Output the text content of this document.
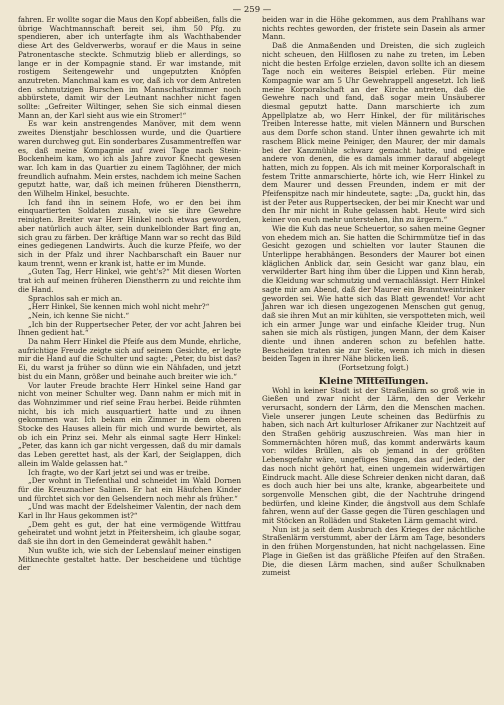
— 259 —

fahren. Er wollte sogar die Maus den Kopf abbeißen, falls die übrige Wachtmannschaft bereit sei, ihm 50 Pfg. zu spendieren, aber ich unterfagte ihm als Wachthabender diese Art des Geldverwerbs, worauf er die Maus in seine Patronentasche steckte. Schmutzig blieb er allerdings, so lange er in der Kompagnie stand. Er war imstande, mit rostigem Seitengewehr und ungeputzten Knöpfen anzutreten. Manchmal kam es vor, daß ich vor dem Antreten den schmutzigen Burschen im Mannschaftszimmer noch abbürstete, damit wir der Leutnant nachher nicht fagen sollte: „Gefreiter Wiltinger, sehen Sie sich einmal diesen Mann an, der Karl sieht aus wie ein Stromer!“

Es war kein anstrengendes Manöver, mit dem wenn zweites Dienstjahr beschlossen wurde, und die Quartiere waren durchweg gut. Ein sonderbares Zusammentreffen war es, daß meine Kompagnie auf zwei Tage nach Stein-Bockenheim kam, wo ich als Jahre zuvor Knecht gewesen war. Ich kam in das Quartier zu einem Taglöhner, der mich freundlich aufnahm. Mein erstes, nachdem ich meine Sachen geputzt hatte, war, daß ich meinen früheren Dienstherrn, den Wilhelm Hinkel, besuchte.

Ich fand ihn in seinem Hofe, wo er den bei ihm einquartierten Soldaten zusah, wie sie ihre Gewehre reinigten. Breiter war Herr Hinkel noch etwas geworden, aber natürlich auch älter, sein dunkelblonder Bart fing an, sich grau zu färben. Der kräftige Mann war so recht das Bild eines gediegenen Landwirts. Auch die kurze Pfeife, wo der sich in der Pfalz und ihrer Nachbarschaft ein Bauer nur kaum trennt, wenn er krank ist, hatte er im Munde.

„Guten Tag, Herr Hinkel, wie geht's?“ Mit diesen Worten trat ich auf meinen früheren Dienstherrn zu und reichte ihm die Hand.

Sprachlos sah er mich an.

„Herr Hinkel, Sie kennen mich wohl nicht mehr?“

„Nein, ich kenne Sie nicht.“

„Ich bin der Ruppertsecher Peter, der vor acht Jahren bei Ihnen gedient hat.“

Da nahm Herr Hinkel die Pfeife aus dem Munde, ehrliche, aufrichtige Freude zeigte sich auf seinem Gesichte, er legte mir die Hand auf die Schulter und sagte: „Peter, du bist das? Ei, du warst ja früher so dünn wie ein Nähfaden, und jetzt bist du ein Mann, größer und beinahe auch breiter wie ich.“

Vor lauter Freude brachte Herr Hinkel seine Hand gar nicht von meiner Schulter weg. Dann nahm er mich mit in das Wohnzimmer und rief seine Frau herbei. Beide rühmten nicht, bis ich mich ausquartiert hatte und zu ihnen gekommen war. Ich bekam ein Zimmer in dem oberen Stocke des Hauses allein für mich und wurde bewirtet, als ob ich ein Prinz sei. Mehr als einmal sagte Herr Hinkel: „Peter, das kann ich gar nicht vergessen, daß du mir damals das Leben gerettet hast, als der Karl, der Seiglappen, dich allein im Walde gelassen hat.“

Ich fragte, wo der Karl jetzt sei und was er treibe.

„Der wohnt in Tiefenthal und schneidet im Wald Dornen für die Kreuznacher Salinen. Er hat ein Häufchen Kinder und fürchtet sich vor den Gelsendern noch mehr als früher.“

„Und was macht der Edelsheimer Valentin, der nach dem Karl in Ihr Haus gekommen ist?“

„Dem geht es gut, der hat eine vermögende Wittfrau geheiratet und wohnt jetzt in Pfeitersheim, ich glaube sogar, daß sie ihn dort in den Gemeinderat gewählt haben.“

Nun wußte ich, wie sich der Lebenslauf meiner einstigen Mitknechte gestaltet hatte. Der bescheidene und tüchtige der

beiden war in die Höhe gekommen, aus dem Prahlhans war nichts rechtes geworden, der fristete sein Dasein als armer Mann.

Daß die Anmaßenden und Dreisten, die sich zugleich nicht scheuen, den Hilflosen zu nahe zu treten, im Leben nicht die besten Erfolge erzielen, davon sollte ich an diesem Tage noch ein weiteres Beispiel erleben. Für meine Kompagnie war am 5 Uhr Gewehrappell angesetzt. Ich ließ meine Korporalschaft an der Kirche antreten, daß die Gewehre nach und fand, daß sogar mein Unsäuberer diesmal geputzt hatte. Dann marschierte ich zum Appellplatze ab, wo Herr Hinkel, der für militärisches Treiben Interesse hatte, mit vielen Männern und Burschen aus dem Dorfe schon stand. Unter ihnen gewahrte ich mit raschem Blick meine Peiniger, den Maurer, der mir damals bei der Kanzmühle schwarz gemacht hatte, und einige andere von denen, die es damals immer darauf abgelegt hatten, mich zu foppen. Als ich mit meiner Korporalschaft in festem Tritte anmarschierte, hörte ich, wie Herr Hinkel zu dem Maurer und dessen Freunden, indem er mit der Pfeifenspitze nach mir hindeutete, sagte: „Da, guckt hin, das ist der Peter aus Ruppertsecken, der bei mir Knecht war und den Ihr mir nicht in Ruhe gelassen habt. Heute wird sich keiner von euch mehr unterstehen, ihn zu ärgern.“

Wie die Kuh das neue Scheuertor, so sahen meine Gegner von ehedem mich an. Sie hatten die Schirmmütze tief in das Gesicht gezogen und schielten vor lauter Staunen die Unterlippe herabhängen. Besonders der Maurer bot einen kläglichen Anblick dar, sein Gesicht war ganz blau, ein verwilderter Bart hing ihm über die Lippen und Kinn herab, die Kleidung war schmutzig und vernachlässigt. Herr Hinkel sagte mir am Abend, daß der Maurer ein Branntweintrinker geworden sei. Wie hatte sich das Blatt gewendet! Vor acht Jahren war ich diesen ungezogenen Menschen gut genug, daß sie ihren Mut an mir kühlten, sie verspotteten mich, weil ich ein armer Junge war und einfache Kleider trug. Nun sahen sie mich als rüstigen, jungen Mann, der dem Kaiser diente und ihnen anderen schon zu befehlen hatte. Bescheiden traten sie zur Seite, wenn ich mich in diesen beiden Tagen in ihrer Nähe blicken ließ.

(Fortsetzung folgt.)

Kleine Mitteilungen.

Wohl in keiner Stadt ist der Straßenlärm so groß wie in Gießen und zwar nicht der Lärm, den der Verkehr verursacht, sondern der Lärm, den die Menschen machen. Viele unserer jungen Leute scheinen das Bedürfnis zu haben, sich nach Art kulturloser Afrikaner zur Nachtzeit auf den Straßen gehörig auszuschreien. Was man hier in Sommernächten hören muß, das kommt anderwärts kaum vor: wildes Brüllen, als ob jemand in der größten Lebensgefahr wäre, ungefüges Singen, das auf jeden, der das noch nicht gehört hat, einen ungemein widerwärtigen Eindruck macht. Alle diese Schreier denken nicht daran, daß es doch auch hier bei uns alte, kranke, abgearbeitete und sorgenvolle Menschen gibt, die der Nachtruhe dringend bedürfen, und kleine Kinder, die ängstvoll aus dem Schlafe fahren, wenn auf der Gasse gegen die Türen geschlagen und mit Stöcken an Rolläden und Staketen Lärm gemacht wird.

Nun ist ja seit dem Ausbruch des Krieges der nächtliche Straßenlärm verstummt, aber der Lärm am Tage, besonders in den frühen Morgenstunden, hat nicht nachgelassen. Eine Plage in Gießen ist das gräßliche Pfeifen auf den Straßen. Die, die diesen Lärm machen, sind außer Schulknaben zumeist
